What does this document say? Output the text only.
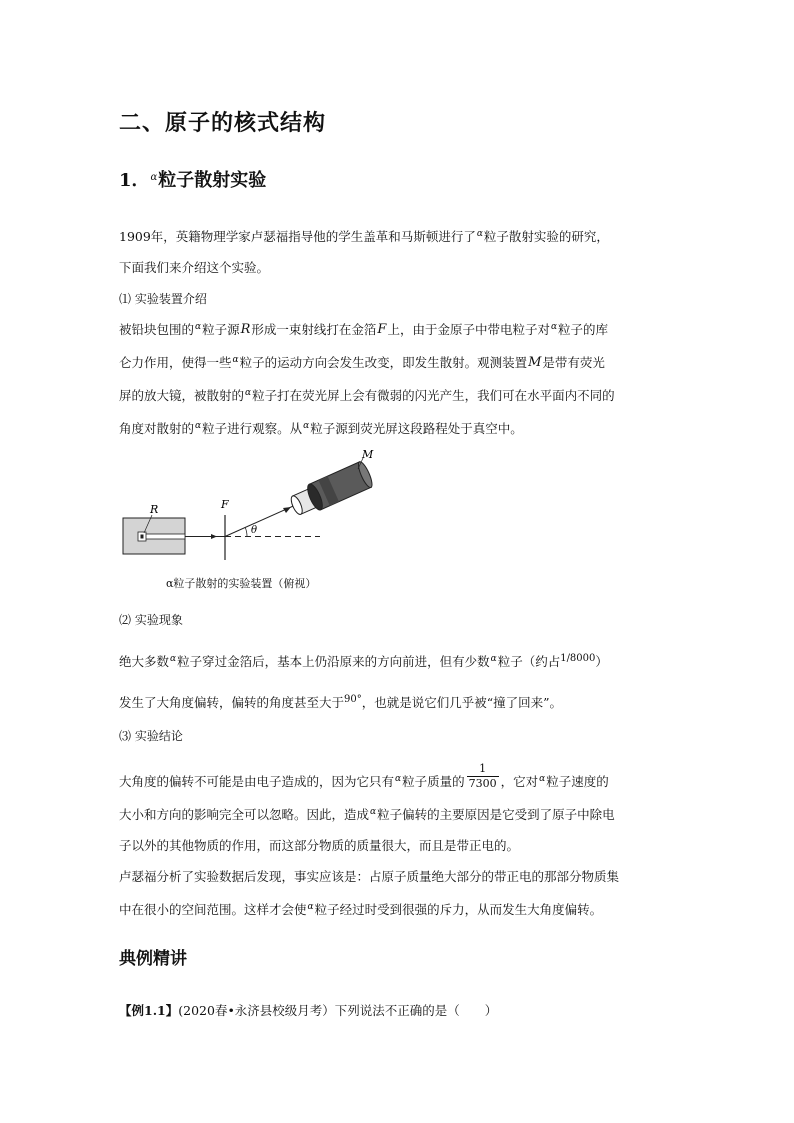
二、原子的核式结构
1．$^\alpha$粒子散射实验
1909年，英籍物理学家卢瑟福指导他的学生盖革和马斯顿进行了$^\alpha$粒子散射实验的研究，
下面我们来介绍这个实验。
⑴ 实验装置介绍
被铅块包围的$^\alpha$粒子源R形成一束射线打在金箔F上，由于金原子中带电粒子对$^\alpha$粒子的库
仑力作用，使得一些$^\alpha$粒子的运动方向会发生改变，即发生散射。观测装置M是带有荧光
屏的放大镜，被散射的$^\alpha$粒子打在荧光屏上会有微弱的闪光产生，我们可在水平面内不同的
角度对散射的$^\alpha$粒子进行观察。从$^\alpha$粒子源到荧光屏这段路程处于真空中。
R	F
θ
M
α粒子散射的实验装置（俯视）
⑵ 实验现象
绝大多数$^\alpha$粒子穿过金箔后，基本上仍沿原来的方向前进，但有少数$^\alpha$粒子（约占$^{1/8000}$）
发生了大角度偏转，偏转的角度甚至大于$^{90^\circ}$，也就是说它们几乎被“撞了回来”。
⑶ 实验结论
大角度的偏转不可能是由电子造成的，因为它只有$^\alpha$粒子质量的 $\frac{1}{7300}$ ，它对$^\alpha$粒子速度的
大小和方向的影响完全可以忽略。因此，造成$^\alpha$粒子偏转的主要原因是它受到了原子中除电
子以外的其他物质的作用，而这部分物质的质量很大，而且是带正电的。
卢瑟福分析了实验数据后发现，事实应该是：占原子质量绝大部分的带正电的那部分物质集
中在很小的空间范围。这样才会使$^\alpha$粒子经过时受到很强的斥力，从而发生大角度偏转。
典例精讲
【例1.1】(2020春•永济县校级月考）下列说法不正确的是（　　）
